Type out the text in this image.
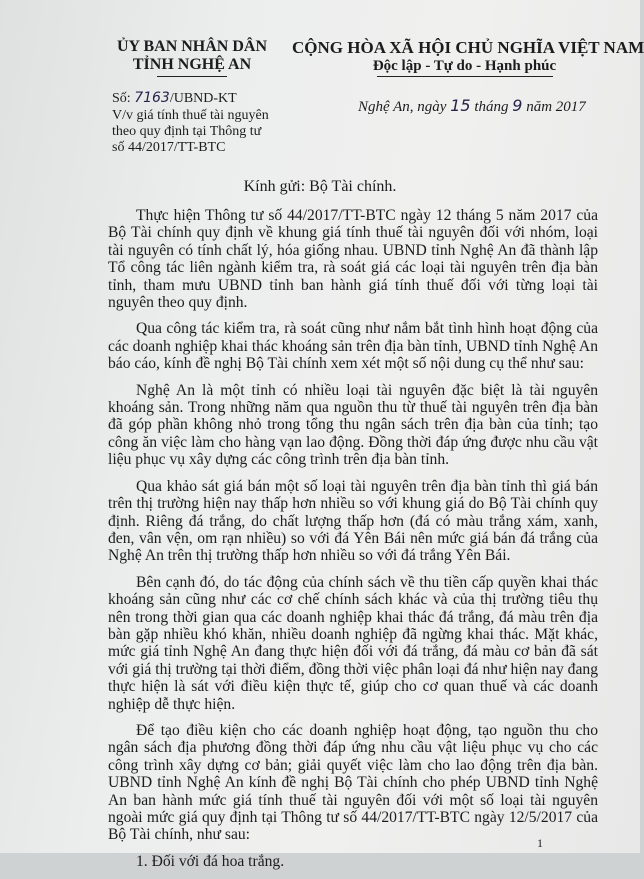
ỦY BAN NHÂN DÂN
TỈNH NGHỆ AN
CỘNG HÒA XÃ HỘI CHỦ NGHĨA VIỆT NAM
Độc lập - Tự do - Hạnh phúc
Số: 7163/UBND-KT
V/v giá tính thuế tài nguyên
theo quy định tại Thông tư
số 44/2017/TT-BTC
Nghệ An, ngày 15 tháng 9 năm 2017
Kính gửi: Bộ Tài chính.

Thực hiện Thông tư số 44/2017/TT-BTC ngày 12 tháng 5 năm 2017 của Bộ Tài chính quy định về khung giá tính thuế tài nguyên đối với nhóm, loại tài nguyên có tính chất lý, hóa giống nhau. UBND tỉnh Nghệ An đã thành lập Tổ công tác liên ngành kiểm tra, rà soát giá các loại tài nguyên trên địa bàn tỉnh, tham mưu UBND tỉnh ban hành giá tính thuế đối với từng loại tài nguyên theo quy định.

Qua công tác kiểm tra, rà soát cũng như nắm bắt tình hình hoạt động của các doanh nghiệp khai thác khoáng sản trên địa bàn tỉnh, UBND tỉnh Nghệ An báo cáo, kính đề nghị Bộ Tài chính xem xét một số nội dung cụ thể như sau:

Nghệ An là một tỉnh có nhiều loại tài nguyên đặc biệt là tài nguyên khoáng sản. Trong những năm qua nguồn thu từ thuế tài nguyên trên địa bàn đã góp phần không nhỏ trong tổng thu ngân sách trên địa bàn của tỉnh; tạo công ăn việc làm cho hàng vạn lao động. Đồng thời đáp ứng được nhu cầu vật liệu phục vụ xây dựng các công trình trên địa bàn tỉnh.

Qua khảo sát giá bán một số loại tài nguyên trên địa bàn tỉnh thì giá bán trên thị trường hiện nay thấp hơn nhiều so với khung giá do Bộ Tài chính quy định. Riêng đá trắng, do chất lượng thấp hơn (đá có màu trắng xám, xanh, đen, vân vện, om rạn nhiều) so với đá Yên Bái nên mức giá bán đá trắng của Nghệ An trên thị trường thấp hơn nhiều so với đá trắng Yên Bái.

Bên cạnh đó, do tác động của chính sách về thu tiền cấp quyền khai thác khoáng sản cũng như các cơ chế chính sách khác và của thị trường tiêu thụ nên trong thời gian qua các doanh nghiệp khai thác đá trắng, đá màu trên địa bàn gặp nhiều khó khăn, nhiều doanh nghiệp đã ngừng khai thác. Mặt khác, mức giá tỉnh Nghệ An đang thực hiện đối với đá trắng, đá màu cơ bản đã sát với giá thị trường tại thời điểm, đồng thời việc phân loại đá như hiện nay đang thực hiện là sát với điều kiện thực tế, giúp cho cơ quan thuế và các doanh nghiệp dễ thực hiện.

Để tạo điều kiện cho các doanh nghiệp hoạt động, tạo nguồn thu cho ngân sách địa phương đồng thời đáp ứng nhu cầu vật liệu phục vụ cho các công trình xây dựng cơ bản; giải quyết việc làm cho lao động trên địa bàn. UBND tỉnh Nghệ An kính đề nghị Bộ Tài chính cho phép UBND tỉnh Nghệ An ban hành mức giá tính thuế tài nguyên đối với một số loại tài nguyên ngoài mức giá quy định tại Thông tư số 44/2017/TT-BTC ngày 12/5/2017 của Bộ Tài chính, như sau:

1. Đối với đá hoa trắng.

1
